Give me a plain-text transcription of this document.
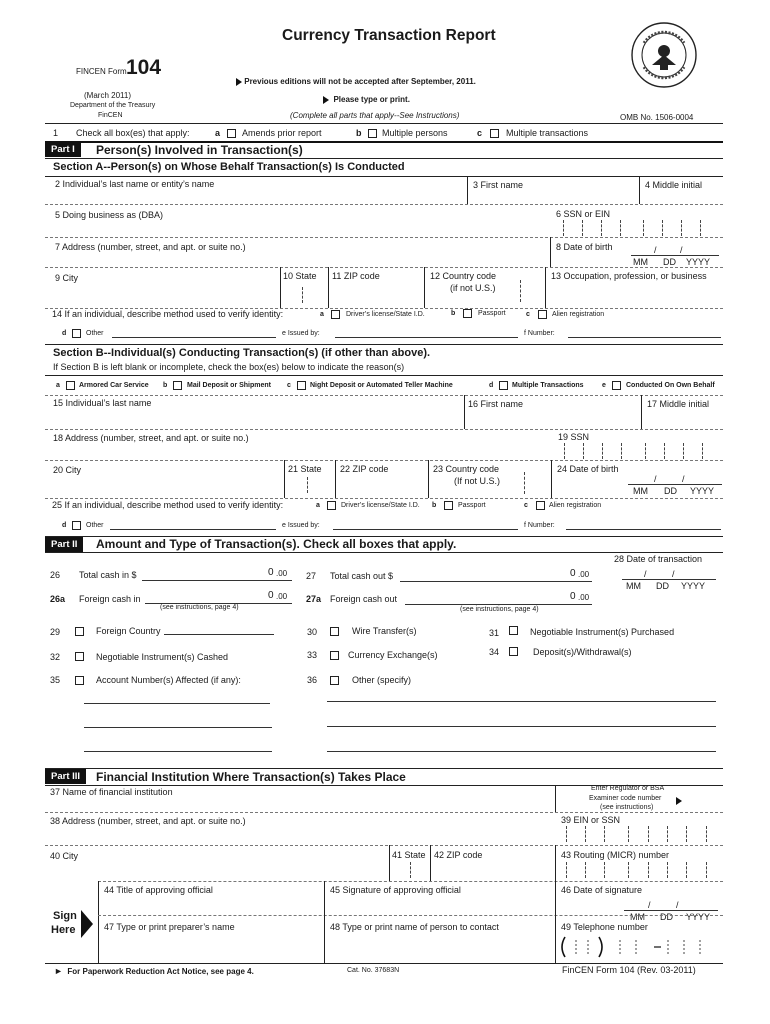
FINCEN Form 104
(March 2011)
Department of the Treasury
FinCEN
Currency Transaction Report
Previous editions will not be accepted after September, 2011.
Please type or print.
(Complete all parts that apply--See Instructions)	OMB No. 1506-0004
1 Check all box(es) that apply:	a Amends prior report	b Multiple persons	c	Multiple transactions
Part I	Person(s) Involved in Transaction(s)
Section A--Person(s) on Whose Behalf Transaction(s) Is Conducted
2 Individual’s last name or entity’s name	3 First name	4 Middle initial
5 Doing business as (DBA)	6 SSN or EIN
7 Address (number, street, and apt. or suite no.)	8 Date of birth	/	/
MM DD YYYY
9 City	10 State 11 ZIP code	12 Country code
(if not U.S.)
13 Occupation, profession, or business
14 If an individual, describe method used to verify identity:	a	Driver’s license/State I.D.	b	Passport	c	Alien registration
d	Other	e Issued by:	f Number:
Section B--Individual(s) Conducting Transaction(s) (if other than above).
If Section B is left blank or incomplete, check the box(es) below to indicate the reason(s)
a	Armored Car Service b	Mail Deposit or Shipment c	Night Deposit or Automated Teller Machine	d	Multiple Transactions	e	Conducted On Own Behalf
15 Individual’s last name	16 First name	17 Middle initial
18 Address (number, street, and apt. or suite no.)	19 SSN
20 City	21 State 22 ZIP code	23 Country code
(If not U.S.)
24 Date of birth
/	/
MM DD YYYY
25 If an individual, describe method used to verify identity:	a	Driver’s license/State I.D. b	Passport	c	Alien registration
d	Other	e Issued by:	f Number:
Part II	Amount and Type of Transaction(s). Check all boxes that apply.
28 Date of transaction
/	/
MM DD YYYY
26 Total cash in $	0 .00 27 Total cash out $	0 .00
26a Foreign cash in	0 .00
(see instructions, page 4)
27a Foreign cash out	0 .00
(see instructions, page 4)
29	Foreign Country	30	Wire Transfer(s)	31	Negotiable Instrument(s) Purchased
32	Negotiable Instrument(s) Cashed	33	Currency Exchange(s)	34	Deposit(s)/Withdrawal(s)
35	Account Number(s) Affected (if any):	36	Other (specify)
Part III	Financial Institution Where Transaction(s) Takes Place
37 Name of financial institution	Enter Regulator or BSA
Examiner code number
(see instructions)
38 Address (number, street, and apt. or suite no.)	39 EIN or SSN
40 City	41 State 42 ZIP code	43 Routing (MICR) number
Sign
Here
44 Title of approving official	45 Signature of approving official	46 Date of signature
/	/
MM DD YYYY
47 Type or print preparer’s name	48 Type or print name of person to contact	49 Telephone number
► For Paperwork Reduction Act Notice, see page 4.	Cat. No. 37683N	FinCEN Form 104 (Rev. 03-2011)
